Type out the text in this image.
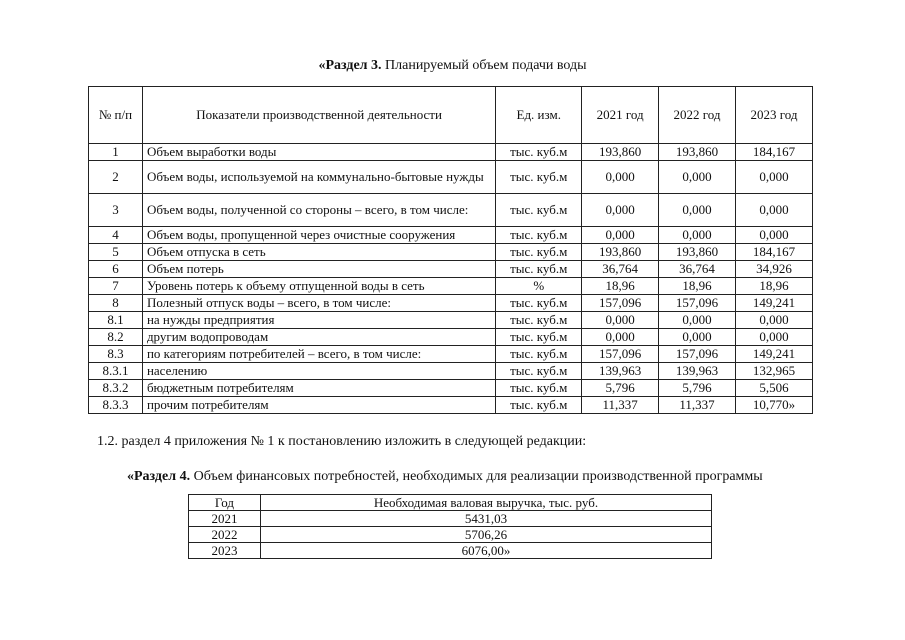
«Раздел 3. Планируемый объем подачи воды
№ п/п	Показатели производственной деятельности	Ед. изм.	2021 год	2022 год	2023 год
1	Объем выработки воды	тыс. куб.м	193,860	193,860	184,167
2	Объем воды, используемой на коммунально-бытовые нужды	тыс. куб.м	0,000	0,000	0,000
3	Объем воды, полученной со стороны – всего, в том числе:	тыс. куб.м	0,000	0,000	0,000
4	Объем воды, пропущенной через очистные сооружения	тыс. куб.м	0,000	0,000	0,000
5	Объем отпуска в сеть	тыс. куб.м	193,860	193,860	184,167
6	Объем потерь	тыс. куб.м	36,764	36,764	34,926
7	Уровень потерь к объему отпущенной воды в сеть	%	18,96	18,96	18,96
8	Полезный отпуск воды – всего, в том числе:	тыс. куб.м	157,096	157,096	149,241
8.1	на нужды предприятия	тыс. куб.м	0,000	0,000	0,000
8.2	другим водопроводам	тыс. куб.м	0,000	0,000	0,000
8.3	по категориям потребителей – всего, в том числе:	тыс. куб.м	157,096	157,096	149,241
8.3.1	населению	тыс. куб.м	139,963	139,963	132,965
8.3.2	бюджетным потребителям	тыс. куб.м	5,796	5,796	5,506
8.3.3	прочим потребителям	тыс. куб.м	11,337	11,337	10,770»
1.2. раздел 4 приложения № 1 к постановлению изложить в следующей редакции:
«Раздел 4. Объем финансовых потребностей, необходимых для реализации производственной программы
Год	Необходимая валовая выручка, тыс. руб.
2021	5431,03
2022	5706,26
2023	6076,00»
